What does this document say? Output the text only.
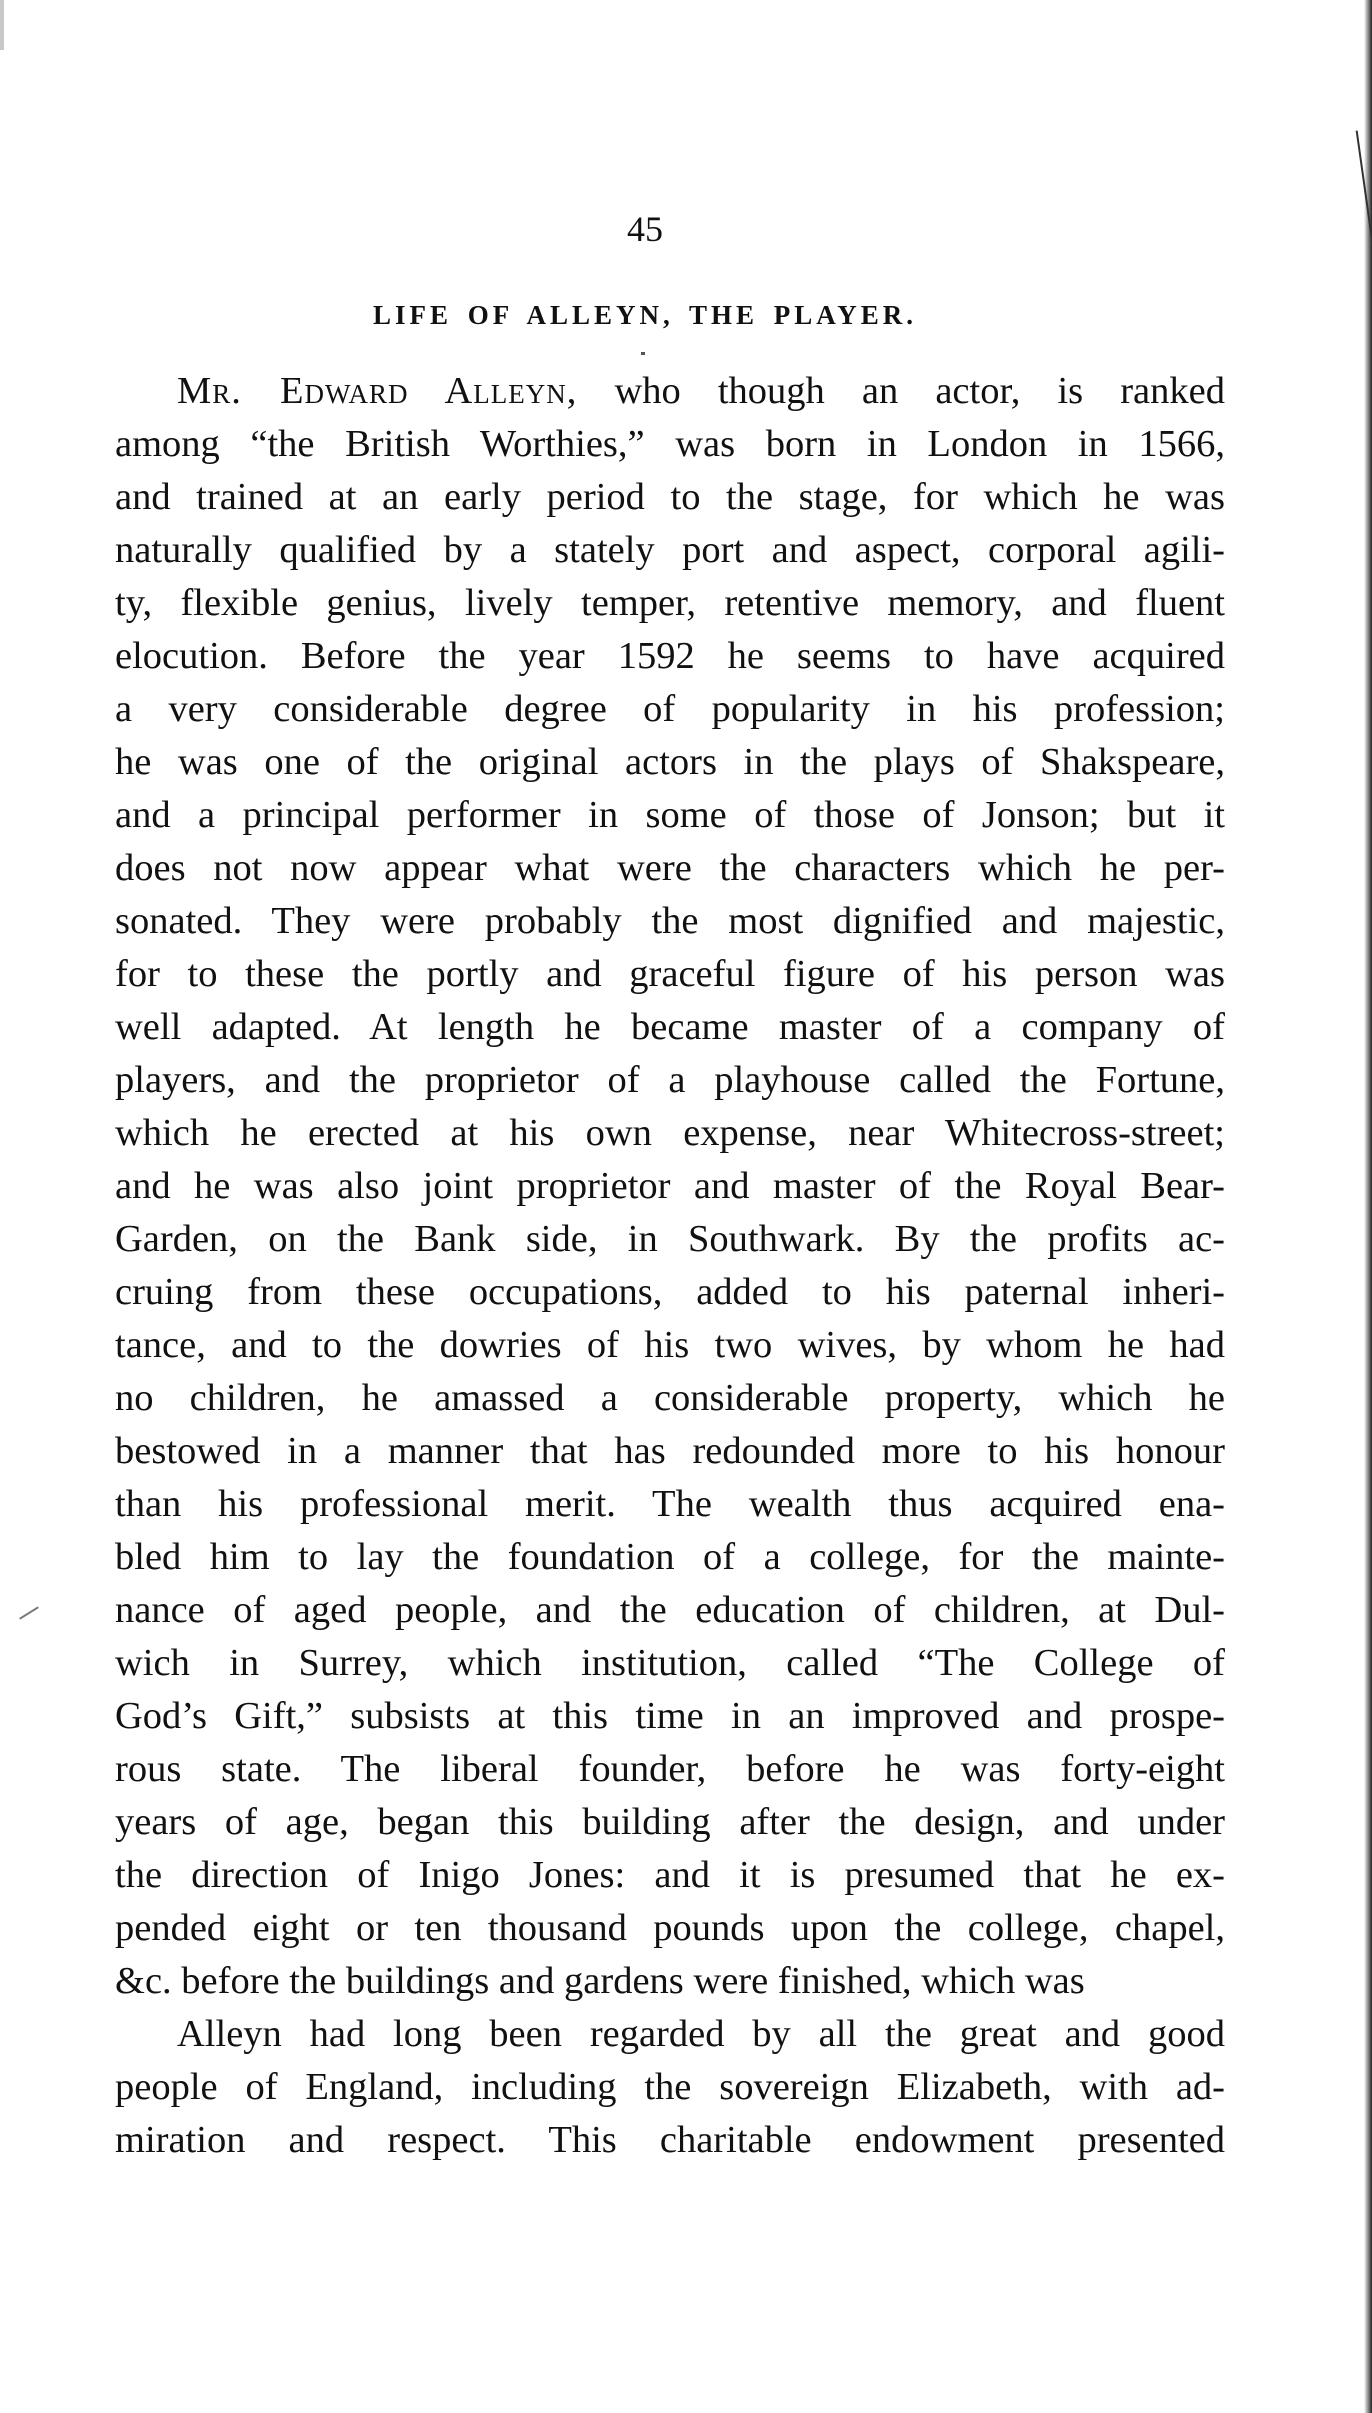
45
LIFE OF ALLEYN, THE PLAYER.
Mr. Edward Alleyn, who though an actor, is ranked
among “the British Worthies,” was born in London in 1566,
and trained at an early period to the stage, for which he was
naturally qualified by a stately port and aspect, corporal agili-
ty, flexible genius, lively temper, retentive memory, and fluent
elocution. Before the year 1592 he seems to have acquired
a very considerable degree of popularity in his profession;
he was one of the original actors in the plays of Shakspeare,
and a principal performer in some of those of Jonson; but it
does not now appear what were the characters which he per-
sonated. They were probably the most dignified and majestic,
for to these the portly and graceful figure of his person was
well adapted. At length he became master of a company of
players, and the proprietor of a playhouse called the Fortune,
which he erected at his own expense, near Whitecross-street;
and he was also joint proprietor and master of the Royal Bear-
Garden, on the Bank side, in Southwark. By the profits ac-
cruing from these occupations, added to his paternal inheri-
tance, and to the dowries of his two wives, by whom he had
no children, he amassed a considerable property, which he
bestowed in a manner that has redounded more to his honour
than his professional merit. The wealth thus acquired ena-
bled him to lay the foundation of a college, for the mainte-
nance of aged people, and the education of children, at Dul-
wich in Surrey, which institution, called “The College of
God’s Gift,” subsists at this time in an improved and prospe-
rous state. The liberal founder, before he was forty-eight
years of age, began this building after the design, and under
the direction of Inigo Jones: and it is presumed that he ex-
pended eight or ten thousand pounds upon the college, chapel,
&c. before the buildings and gardens were finished, which was
Alleyn had long been regarded by all the great and good
people of England, including the sovereign Elizabeth, with ad-
miration and respect. This charitable endowment presented
